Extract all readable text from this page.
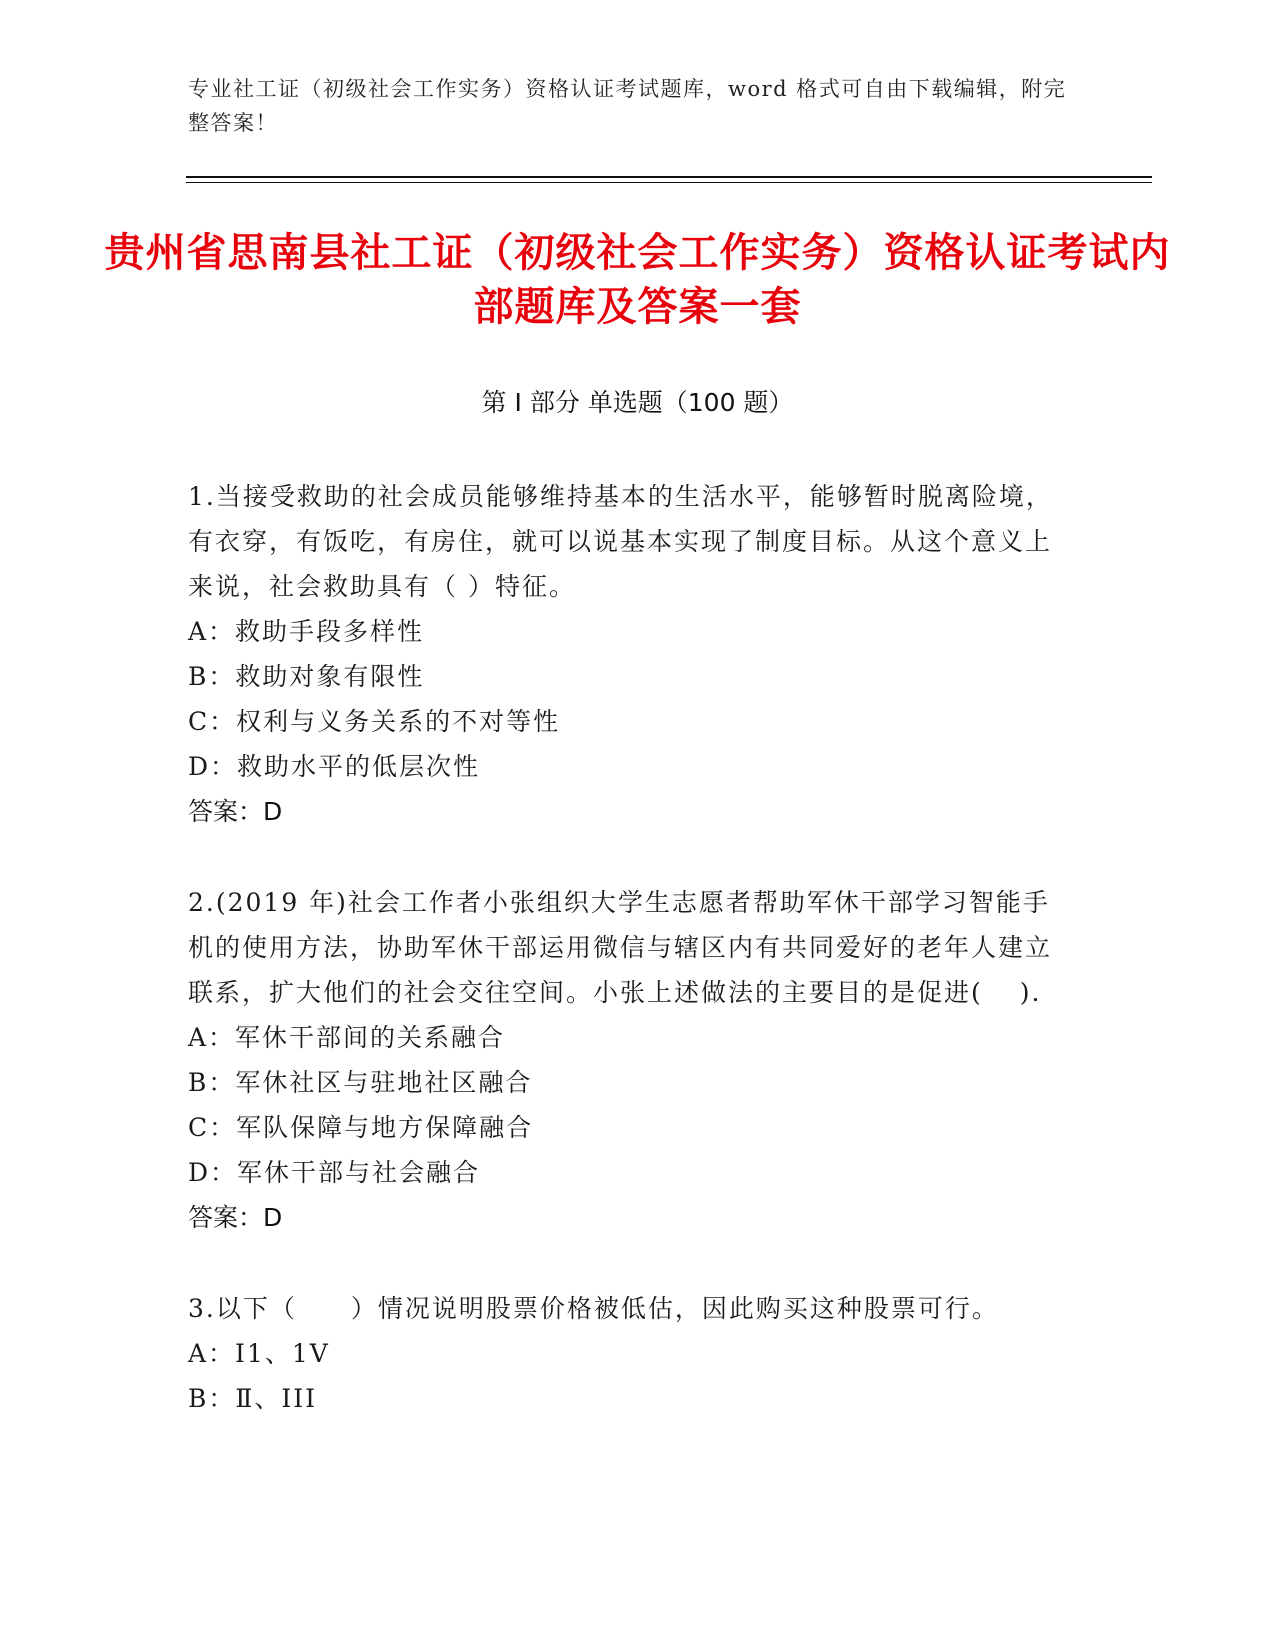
专业社工证（初级社会工作实务）资格认证考试题库，word 格式可自由下载编辑，附完整答案！
贵州省思南县社工证（初级社会工作实务）资格认证考试内部题库及答案一套
第 I 部分 单选题（100 题）
1.当接受救助的社会成员能够维持基本的生活水平，能够暂时脱离险境，有衣穿，有饭吃，有房住，就可以说基本实现了制度目标。从这个意义上来说，社会救助具有（ ）特征。
A：救助手段多样性
B：救助对象有限性
C：权利与义务关系的不对等性
D：救助水平的低层次性
答案：D
2.(2019 年)社会工作者小张组织大学生志愿者帮助军休干部学习智能手机的使用方法，协助军休干部运用微信与辖区内有共同爱好的老年人建立联系，扩大他们的社会交往空间。小张上述做法的主要目的是促进(　 ).
A：军休干部间的关系融合
B：军休社区与驻地社区融合
C：军队保障与地方保障融合
D：军休干部与社会融合
答案：D
3.以下（　　）情况说明股票价格被低估，因此购买这种股票可行。
A：I1、1V
B：Ⅱ、III
